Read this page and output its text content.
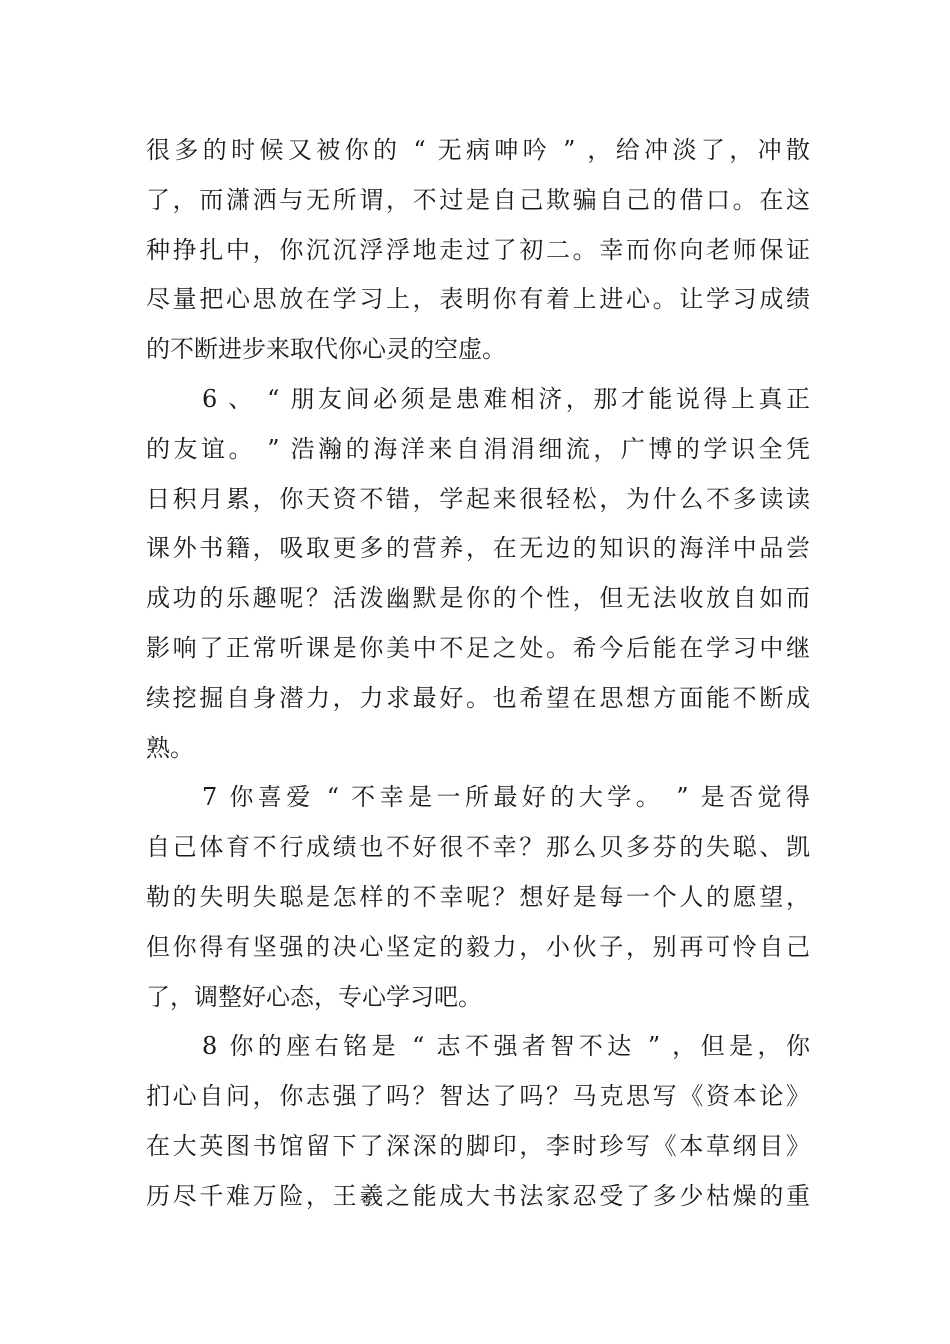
很多的时候又被你的 “ 无病呻吟 ” ，给冲淡了，冲散
了，而潇洒与无所谓，不过是自己欺骗自己的借口。在这
种挣扎中，你沉沉浮浮地走过了初二。幸而你向老师保证
尽量把心思放在学习上，表明你有着上进心。让学习成绩
的不断进步来取代你心灵的空虚。
6 、 “ 朋友间必须是患难相济，那才能说得上真正
的友谊。 ” 浩瀚的海洋来自涓涓细流，广博的学识全凭
日积月累，你天资不错，学起来很轻松，为什么不多读读
课外书籍，吸取更多的营养，在无边的知识的海洋中品尝
成功的乐趣呢？活泼幽默是你的个性，但无法收放自如而
影响了正常听课是你美中不足之处。希今后能在学习中继
续挖掘自身潜力，力求最好。也希望在思想方面能不断成
熟。
7 你喜爱 “ 不幸是一所最好的大学。 ” 是否觉得
自己体育不行成绩也不好很不幸？那么贝多芬的失聪、凯
勒的失明失聪是怎样的不幸呢？想好是每一个人的愿望，
但你得有坚强的决心坚定的毅力，小伙子，别再可怜自己
了，调整好心态，专心学习吧。
8 你的座右铭是 “ 志不强者智不达 ” ，但是，你
扪心自问，你志强了吗？智达了吗？马克思写《资本论》
在大英图书馆留下了深深的脚印，李时珍写《本草纲目》
历尽千难万险，王羲之能成大书法家忍受了多少枯燥的重
